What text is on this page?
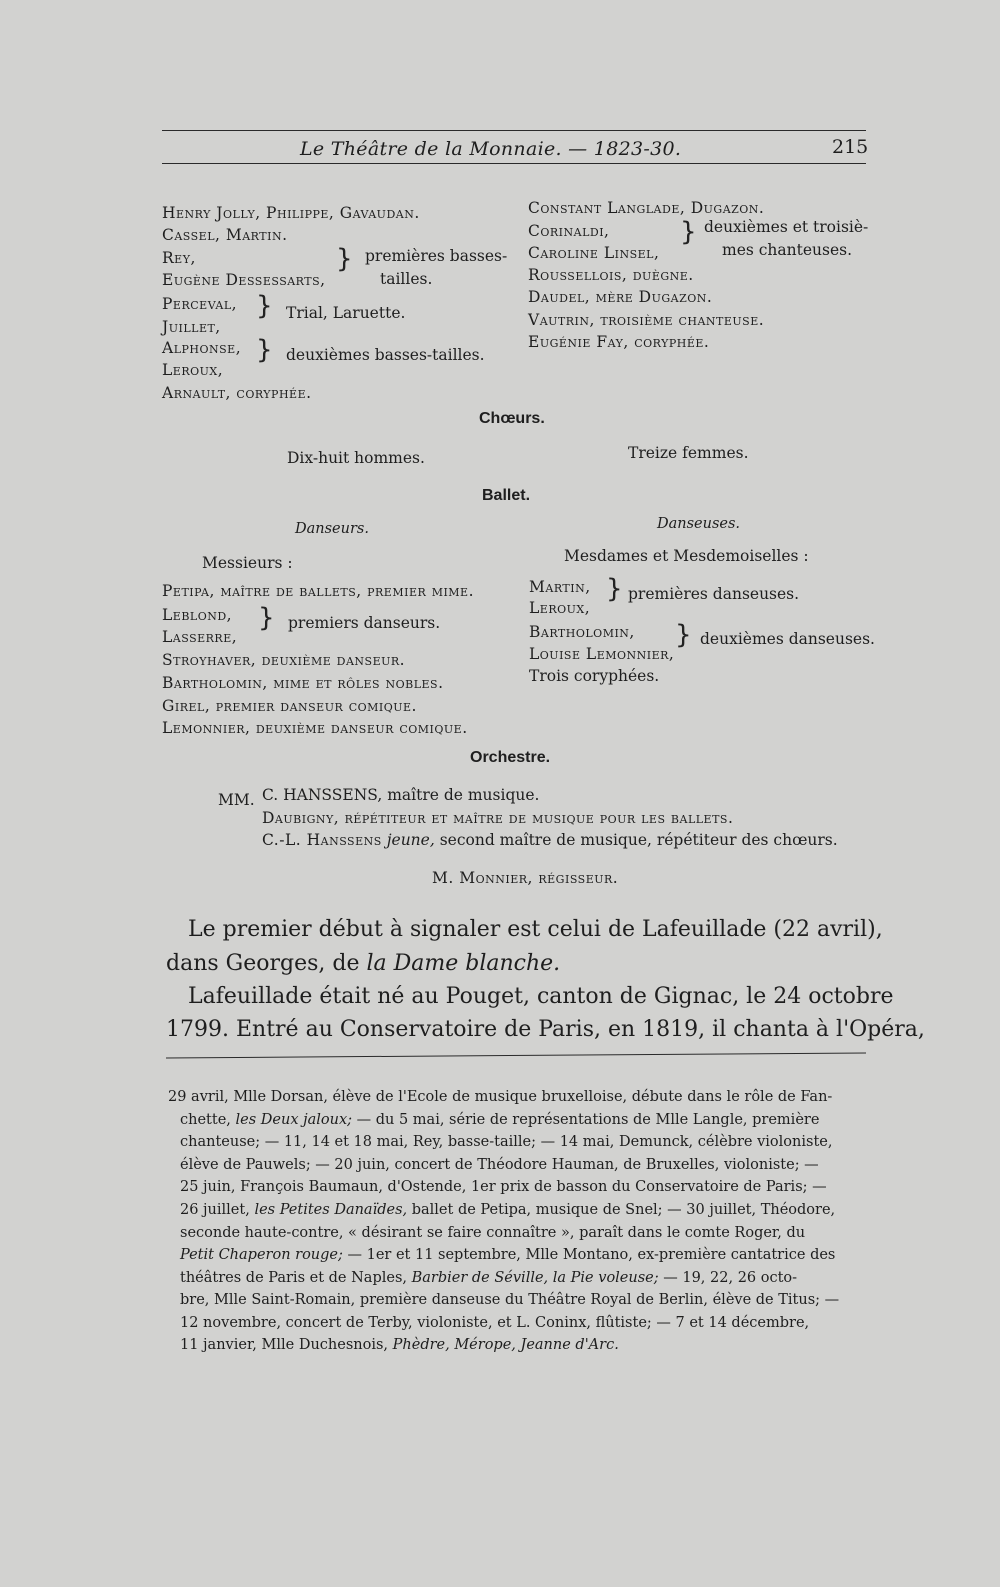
Le Théâtre de la Monnaie. — 1823-30.	215
Henry Jolly, Philippe, Gavaudan.
Cassel, Martin.
Rey,
Eugène Dessessarts,
} premières basses-
tailles.
Perceval,
Juillet,
} Trial, Laruette.
Alphonse,
Leroux,
} deuxièmes basses-tailles.
Arnault, coryphée.
Constant Langlade, Dugazon.
Corinaldi,
Caroline Linsel,
} deuxièmes et troisiè-
mes chanteuses.
Roussellois, duègne.
Daudel, mère Dugazon.
Vautrin, troisième chanteuse.
Eugénie Fay, coryphée.
Chœurs.
Dix-huit hommes.	Treize femmes.
Ballet.
Danseurs.	Danseuses.
Messieurs :	Mesdames et Mesdemoiselles :
Petipa, maître de ballets, premier mime.
Leblond,
Lasserre,
} premiers danseurs.
Stroyhaver, deuxième danseur.
Bartholomin, mime et rôles nobles.
Girel, premier danseur comique.
Lemonnier, deuxième danseur comique.
Martin,
Leroux,
} premières danseuses.
Bartholomin,
Louise Lemonnier,
} deuxièmes danseuses.
Trois coryphées.
Orchestre.
MM. C. HANSSENS, maître de musique.
Daubigny, répétiteur et maître de musique pour les ballets.
C.-L. Hanssens jeune, second maître de musique, répétiteur des chœurs.
M. Monnier, régisseur.
Le premier début à signaler est celui de Lafeuillade (22 avril),
dans Georges, de la Dame blanche.
Lafeuillade était né au Pouget, canton de Gignac, le 24 octobre
1799. Entré au Conservatoire de Paris, en 1819, il chanta à l'Opéra,
29 avril, Mlle Dorsan, élève de l'Ecole de musique bruxelloise, débute dans le rôle de Fan-
chette, les Deux jaloux; — du 5 mai, série de représentations de Mlle Langle, première
chanteuse; — 11, 14 et 18 mai, Rey, basse-taille; — 14 mai, Demunck, célèbre violoniste,
élève de Pauwels; — 20 juin, concert de Théodore Hauman, de Bruxelles, violoniste; —
25 juin, François Baumaun, d'Ostende, 1er prix de basson du Conservatoire de Paris; —
26 juillet, les Petites Danaïdes, ballet de Petipa, musique de Snel; — 30 juillet, Théodore,
seconde haute-contre, « désirant se faire connaître », paraît dans le comte Roger, du
Petit Chaperon rouge; — 1er et 11 septembre, Mlle Montano, ex-première cantatrice des
théâtres de Paris et de Naples, Barbier de Séville, la Pie voleuse; — 19, 22, 26 octo-
bre, Mlle Saint-Romain, première danseuse du Théâtre Royal de Berlin, élève de Titus; —
12 novembre, concert de Terby, violoniste, et L. Coninx, flûtiste; — 7 et 14 décembre,
11 janvier, Mlle Duchesnois, Phèdre, Mérope, Jeanne d'Arc.
